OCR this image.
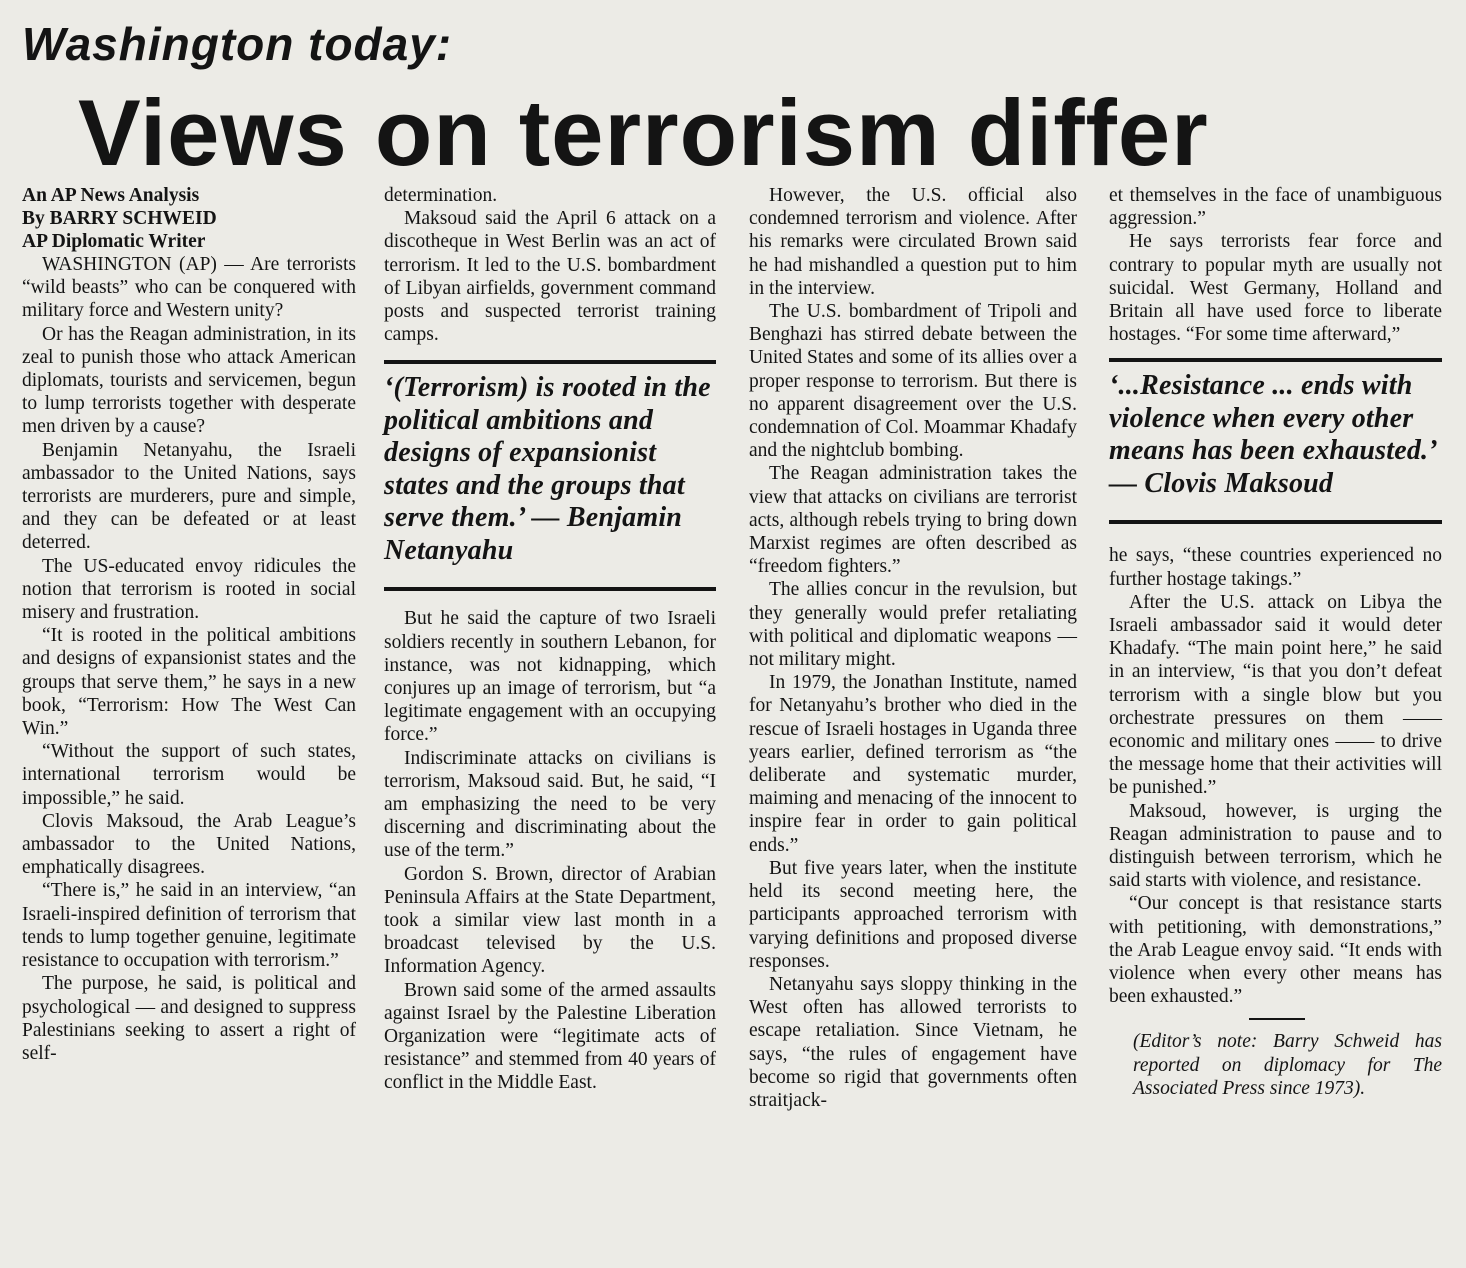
Washington today:
Views on terrorism differ

An AP News Analysis

By BARRY SCHWEID

AP Diplomatic Writer

WASHINGTON (AP) — Are terrorists “wild beasts” who can be conquered with military force and Western unity?

Or has the Reagan administration, in its zeal to punish those who attack American diplomats, tourists and servicemen, begun to lump terrorists together with desperate men driven by a cause?

Benjamin Netanyahu, the Israeli ambassador to the United Nations, says terrorists are murderers, pure and simple, and they can be defeated or at least deterred.

The US-educated envoy ridicules the notion that terrorism is rooted in social misery and frustration.

“It is rooted in the political ambitions and designs of expansionist states and the groups that serve them,” he says in a new book, “Terrorism: How The West Can Win.”

“Without the support of such states, international terrorism would be impossible,” he said.

Clovis Maksoud, the Arab League’s ambassador to the United Nations, emphatically disagrees.

“There is,” he said in an interview, “an Israeli-inspired definition of terrorism that tends to lump together genuine, legitimate resistance to occupation with terrorism.”

The purpose, he said, is political and psychological — and designed to suppress Palestinians seeking to assert a right of self-

determination.

Maksoud said the April 6 attack on a discotheque in West Berlin was an act of terrorism. It led to the U.S. bombardment of Libyan airfields, government command posts and suspected terrorist training camps.

‘(Terrorism) is rooted in the political ambitions and designs of expansionist states and the groups that serve them.’ — Benjamin Netanyahu

But he said the capture of two Israeli soldiers recently in southern Lebanon, for instance, was not kidnapping, which conjures up an image of terrorism, but “a legitimate engagement with an occupying force.”

Indiscriminate attacks on civilians is terrorism, Maksoud said. But, he said, “I am emphasizing the need to be very discerning and discriminating about the use of the term.”

Gordon S. Brown, director of Arabian Peninsula Affairs at the State Department, took a similar view last month in a broadcast televised by the U.S. Information Agency.

Brown said some of the armed assaults against Israel by the Palestine Liberation Organization were “legitimate acts of resistance” and stemmed from 40 years of conflict in the Middle East.

However, the U.S. official also condemned terrorism and violence. After his remarks were circulated Brown said he had mishandled a question put to him in the interview.

The U.S. bombardment of Tripoli and Benghazi has stirred debate between the United States and some of its allies over a proper response to terrorism. But there is no apparent disagreement over the U.S. condemnation of Col. Moammar Khadafy and the nightclub bombing.

The Reagan administration takes the view that attacks on civilians are terrorist acts, although rebels trying to bring down Marxist regimes are often described as “freedom fighters.”

The allies concur in the revulsion, but they generally would prefer retaliating with political and diplomatic weapons — not military might.

In 1979, the Jonathan Institute, named for Netanyahu’s brother who died in the rescue of Israeli hostages in Uganda three years earlier, defined terrorism as “the deliberate and systematic murder, maiming and menacing of the innocent to inspire fear in order to gain political ends.”

But five years later, when the institute held its second meeting here, the participants approached terrorism with varying definitions and proposed diverse responses.

Netanyahu says sloppy thinking in the West often has allowed terrorists to escape retaliation. Since Vietnam, he says, “the rules of engagement have become so rigid that governments often straitjack-

et themselves in the face of unambiguous aggression.”

He says terrorists fear force and contrary to popular myth are usually not suicidal. West Germany, Holland and Britain all have used force to liberate hostages. “For some time afterward,”

‘...Resistance ... ends with violence when every other means has been exhausted.’ — Clovis Maksoud

he says, “these countries experienced no further hostage takings.”

After the U.S. attack on Libya the Israeli ambassador said it would deter Khadafy. “The main point here,” he said in an interview, “is that you don’t defeat terrorism with a single blow but you orchestrate pressures on them —— economic and military ones —— to drive the message home that their activities will be punished.”

Maksoud, however, is urging the Reagan administration to pause and to distinguish between terrorism, which he said starts with violence, and resistance.

“Our concept is that resistance starts with petitioning, with demonstrations,” the Arab League envoy said. “It ends with violence when every other means has been exhausted.”

(Editor’s note: Barry Schweid has reported on diplomacy for The Associated Press since 1973).
